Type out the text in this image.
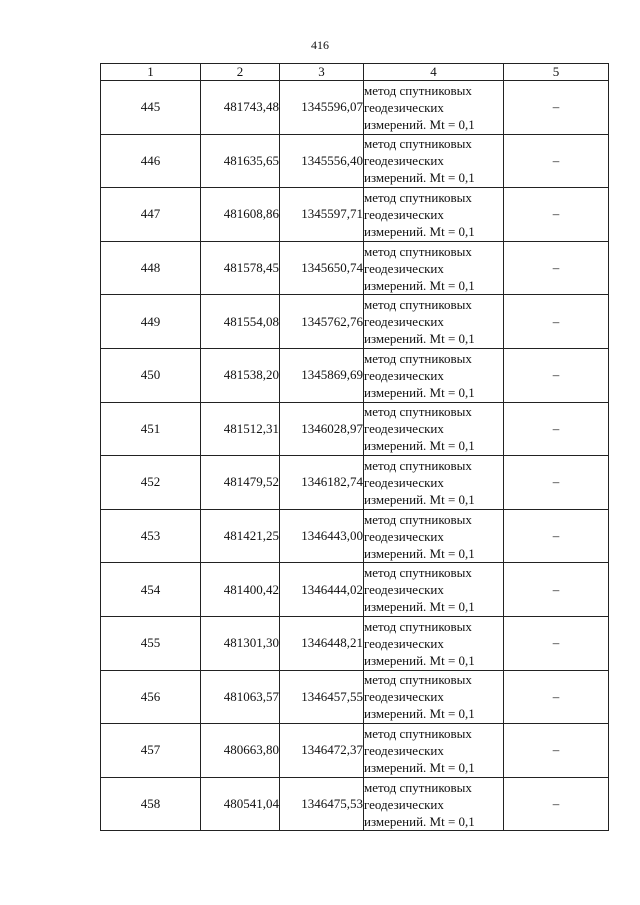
416
1	2	3	4	5
445	481743,48	1345596,07	метод спутниковых
геодезических
измерений. Mt = 0,1	–
446	481635,65	1345556,40	метод спутниковых
геодезических
измерений. Mt = 0,1	–
447	481608,86	1345597,71	метод спутниковых
геодезических
измерений. Mt = 0,1	–
448	481578,45	1345650,74	метод спутниковых
геодезических
измерений. Mt = 0,1	–
449	481554,08	1345762,76	метод спутниковых
геодезических
измерений. Mt = 0,1	–
450	481538,20	1345869,69	метод спутниковых
геодезических
измерений. Mt = 0,1	–
451	481512,31	1346028,97	метод спутниковых
геодезических
измерений. Mt = 0,1	–
452	481479,52	1346182,74	метод спутниковых
геодезических
измерений. Mt = 0,1	–
453	481421,25	1346443,00	метод спутниковых
геодезических
измерений. Mt = 0,1	–
454	481400,42	1346444,02	метод спутниковых
геодезических
измерений. Mt = 0,1	–
455	481301,30	1346448,21	метод спутниковых
геодезических
измерений. Mt = 0,1	–
456	481063,57	1346457,55	метод спутниковых
геодезических
измерений. Mt = 0,1	–
457	480663,80	1346472,37	метод спутниковых
геодезических
измерений. Mt = 0,1	–
458	480541,04	1346475,53	метод спутниковых
геодезических
измерений. Mt = 0,1	–
